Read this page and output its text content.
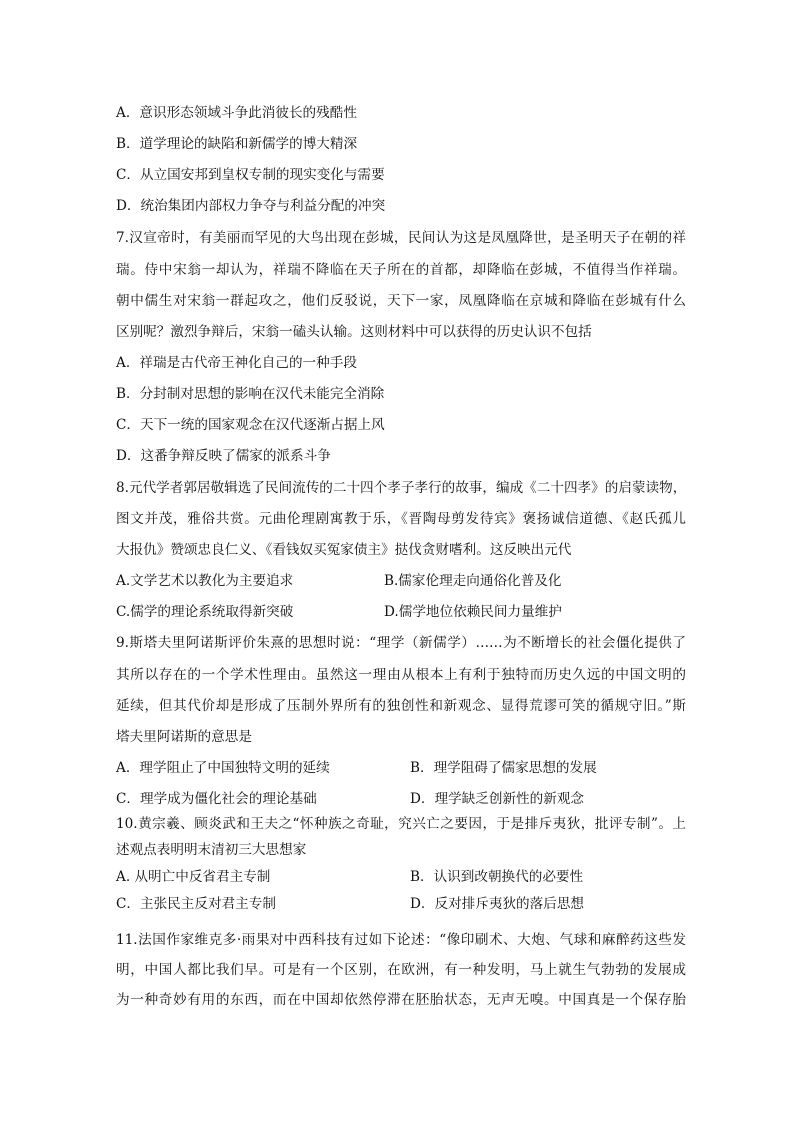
A．意识形态领域斗争此消彼长的残酷性
B．道学理论的缺陷和新儒学的博大精深
C．从立国安邦到皇权专制的现实变化与需要
D．统治集团内部权力争夺与利益分配的冲突
7.汉宣帝时，有美丽而罕见的大鸟出现在彭城，民间认为这是凤凰降世，是圣明天子在朝的祥
瑞。侍中宋翁一却认为，祥瑞不降临在天子所在的首都，却降临在彭城，不值得当作祥瑞。
朝中儒生对宋翁一群起攻之，他们反驳说，天下一家，凤凰降临在京城和降临在彭城有什么
区别呢？激烈争辩后，宋翁一磕头认输。这则材料中可以获得的历史认识不包括
A．祥瑞是古代帝王神化自己的一种手段
B．分封制对思想的影响在汉代未能完全消除
C．天下一统的国家观念在汉代逐渐占据上风
D．这番争辩反映了儒家的派系斗争
8.元代学者郭居敬辑选了民间流传的二十四个孝子孝行的故事，编成《二十四孝》的启蒙读物，
图文并茂，雅俗共赏。元曲伦理剧寓教于乐，《晋陶母剪发待宾》褒扬诚信道德、《赵氏孤儿
大报仇》赞颂忠良仁义、《看钱奴买冤家债主》挞伐贪财嗜利。这反映出元代
A.文学艺术以教化为主要追求	B.儒家伦理走向通俗化普及化
C.儒学的理论系统取得新突破	D.儒学地位依赖民间力量维护
9.斯塔夫里阿诺斯评价朱熹的思想时说：“理学（新儒学）……为不断增长的社会僵化提供了
其所以存在的一个学术性理由。虽然这一理由从根本上有利于独特而历史久远的中国文明的
延续，但其代价却是形成了压制外界所有的独创性和新观念、显得荒谬可笑的循规守旧。”斯
塔夫里阿诺斯的意思是
A．理学阻止了中国独特文明的延续	B．理学阻碍了儒家思想的发展
C．理学成为僵化社会的理论基础	D．理学缺乏创新性的新观念
10.黄宗羲、顾炎武和王夫之“怀种族之奇耻，究兴亡之要因，于是排斥夷狄，批评专制”。上
述观点表明明末清初三大思想家
A. 从明亡中反省君主专制	B．认识到改朝换代的必要性
C．主张民主反对君主专制	D．反对排斥夷狄的落后思想
11.法国作家维克多·雨果对中西科技有过如下论述：“像印刷术、大炮、气球和麻醉药这些发
明，中国人都比我们早。可是有一个区别，在欧洲，有一种发明，马上就生气勃勃的发展成
为一种奇妙有用的东西，而在中国却依然停滞在胚胎状态，无声无嗅。中国真是一个保存胎
